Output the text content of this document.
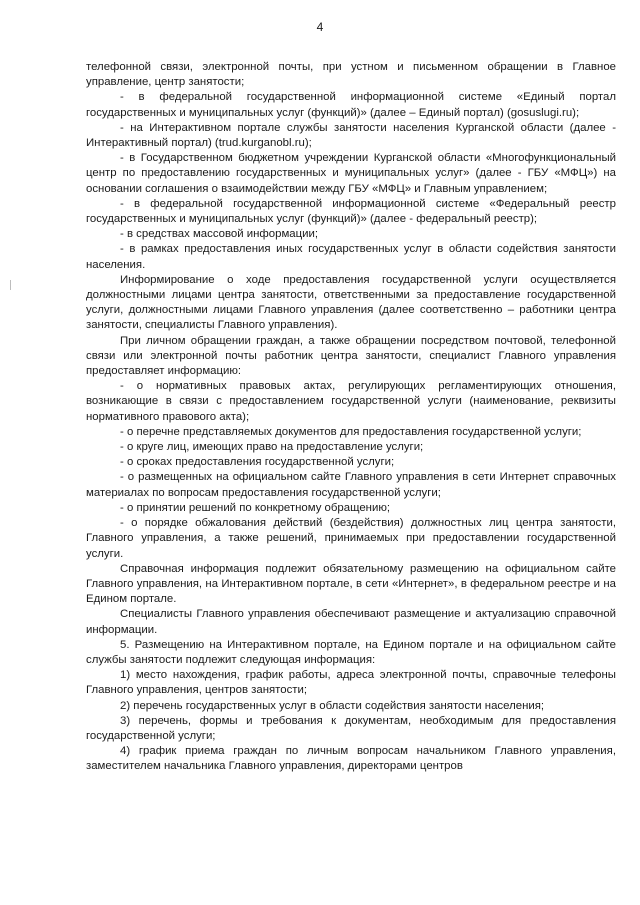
4

телефонной связи, электронной почты, при устном и письменном обращении в Главное управление, центр занятости;

- в федеральной государственной информационной системе «Единый портал государственных и муниципальных услуг (функций)» (далее – Единый портал) (gosuslugi.ru);

- на Интерактивном портале службы занятости населения Курганской области (далее - Интерактивный портал) (trud.kurganobl.ru);

- в Государственном бюджетном учреждении Курганской области «Многофункциональный центр по предоставлению государственных и муниципальных услуг» (далее - ГБУ «МФЦ») на основании соглашения о взаимодействии между ГБУ «МФЦ» и Главным управлением;

- в федеральной государственной информационной системе «Федеральный реестр государственных и муниципальных услуг (функций)» (далее - федеральный реестр);

- в средствах массовой информации;

- в рамках предоставления иных государственных услуг в области содействия занятости населения.

Информирование о ходе предоставления государственной услуги осуществляется должностными лицами центра занятости, ответственными за предоставление государственной услуги, должностными лицами Главного управления (далее соответственно – работники центра занятости, специалисты Главного управления).

При личном обращении граждан, а также обращении посредством почтовой, телефонной связи или электронной почты работник центра занятости, специалист Главного управления предоставляет информацию:

- о нормативных правовых актах, регулирующих регламентирующих отношения, возникающие в связи с предоставлением государственной услуги (наименование, реквизиты нормативного правового акта);

- о перечне представляемых документов для предоставления государственной услуги;

- о круге лиц, имеющих право на предоставление услуги;

- о сроках предоставления государственной услуги;

- о размещенных на официальном сайте Главного управления в сети Интернет справочных материалах по вопросам предоставления государственной услуги;

- о принятии решений по конкретному обращению;

- о порядке обжалования действий (бездействия) должностных лиц центра занятости, Главного управления, а также решений, принимаемых при предоставлении государственной услуги.

Справочная информация подлежит обязательному размещению на официальном сайте Главного управления, на Интерактивном портале, в сети «Интернет», в федеральном реестре и на Едином портале.

Специалисты Главного управления обеспечивают размещение и актуализацию справочной информации.

5. Размещению на Интерактивном портале, на Едином портале и на официальном сайте службы занятости подлежит следующая информация:

1) место нахождения, график работы, адреса электронной почты, справочные телефоны Главного управления, центров занятости;

2) перечень государственных услуг в области содействия занятости населения;

3) перечень, формы и требования к документам, необходимым для предоставления государственной услуги;

4) график приема граждан по личным вопросам начальником Главного управления, заместителем начальника Главного управления, директорами центров
